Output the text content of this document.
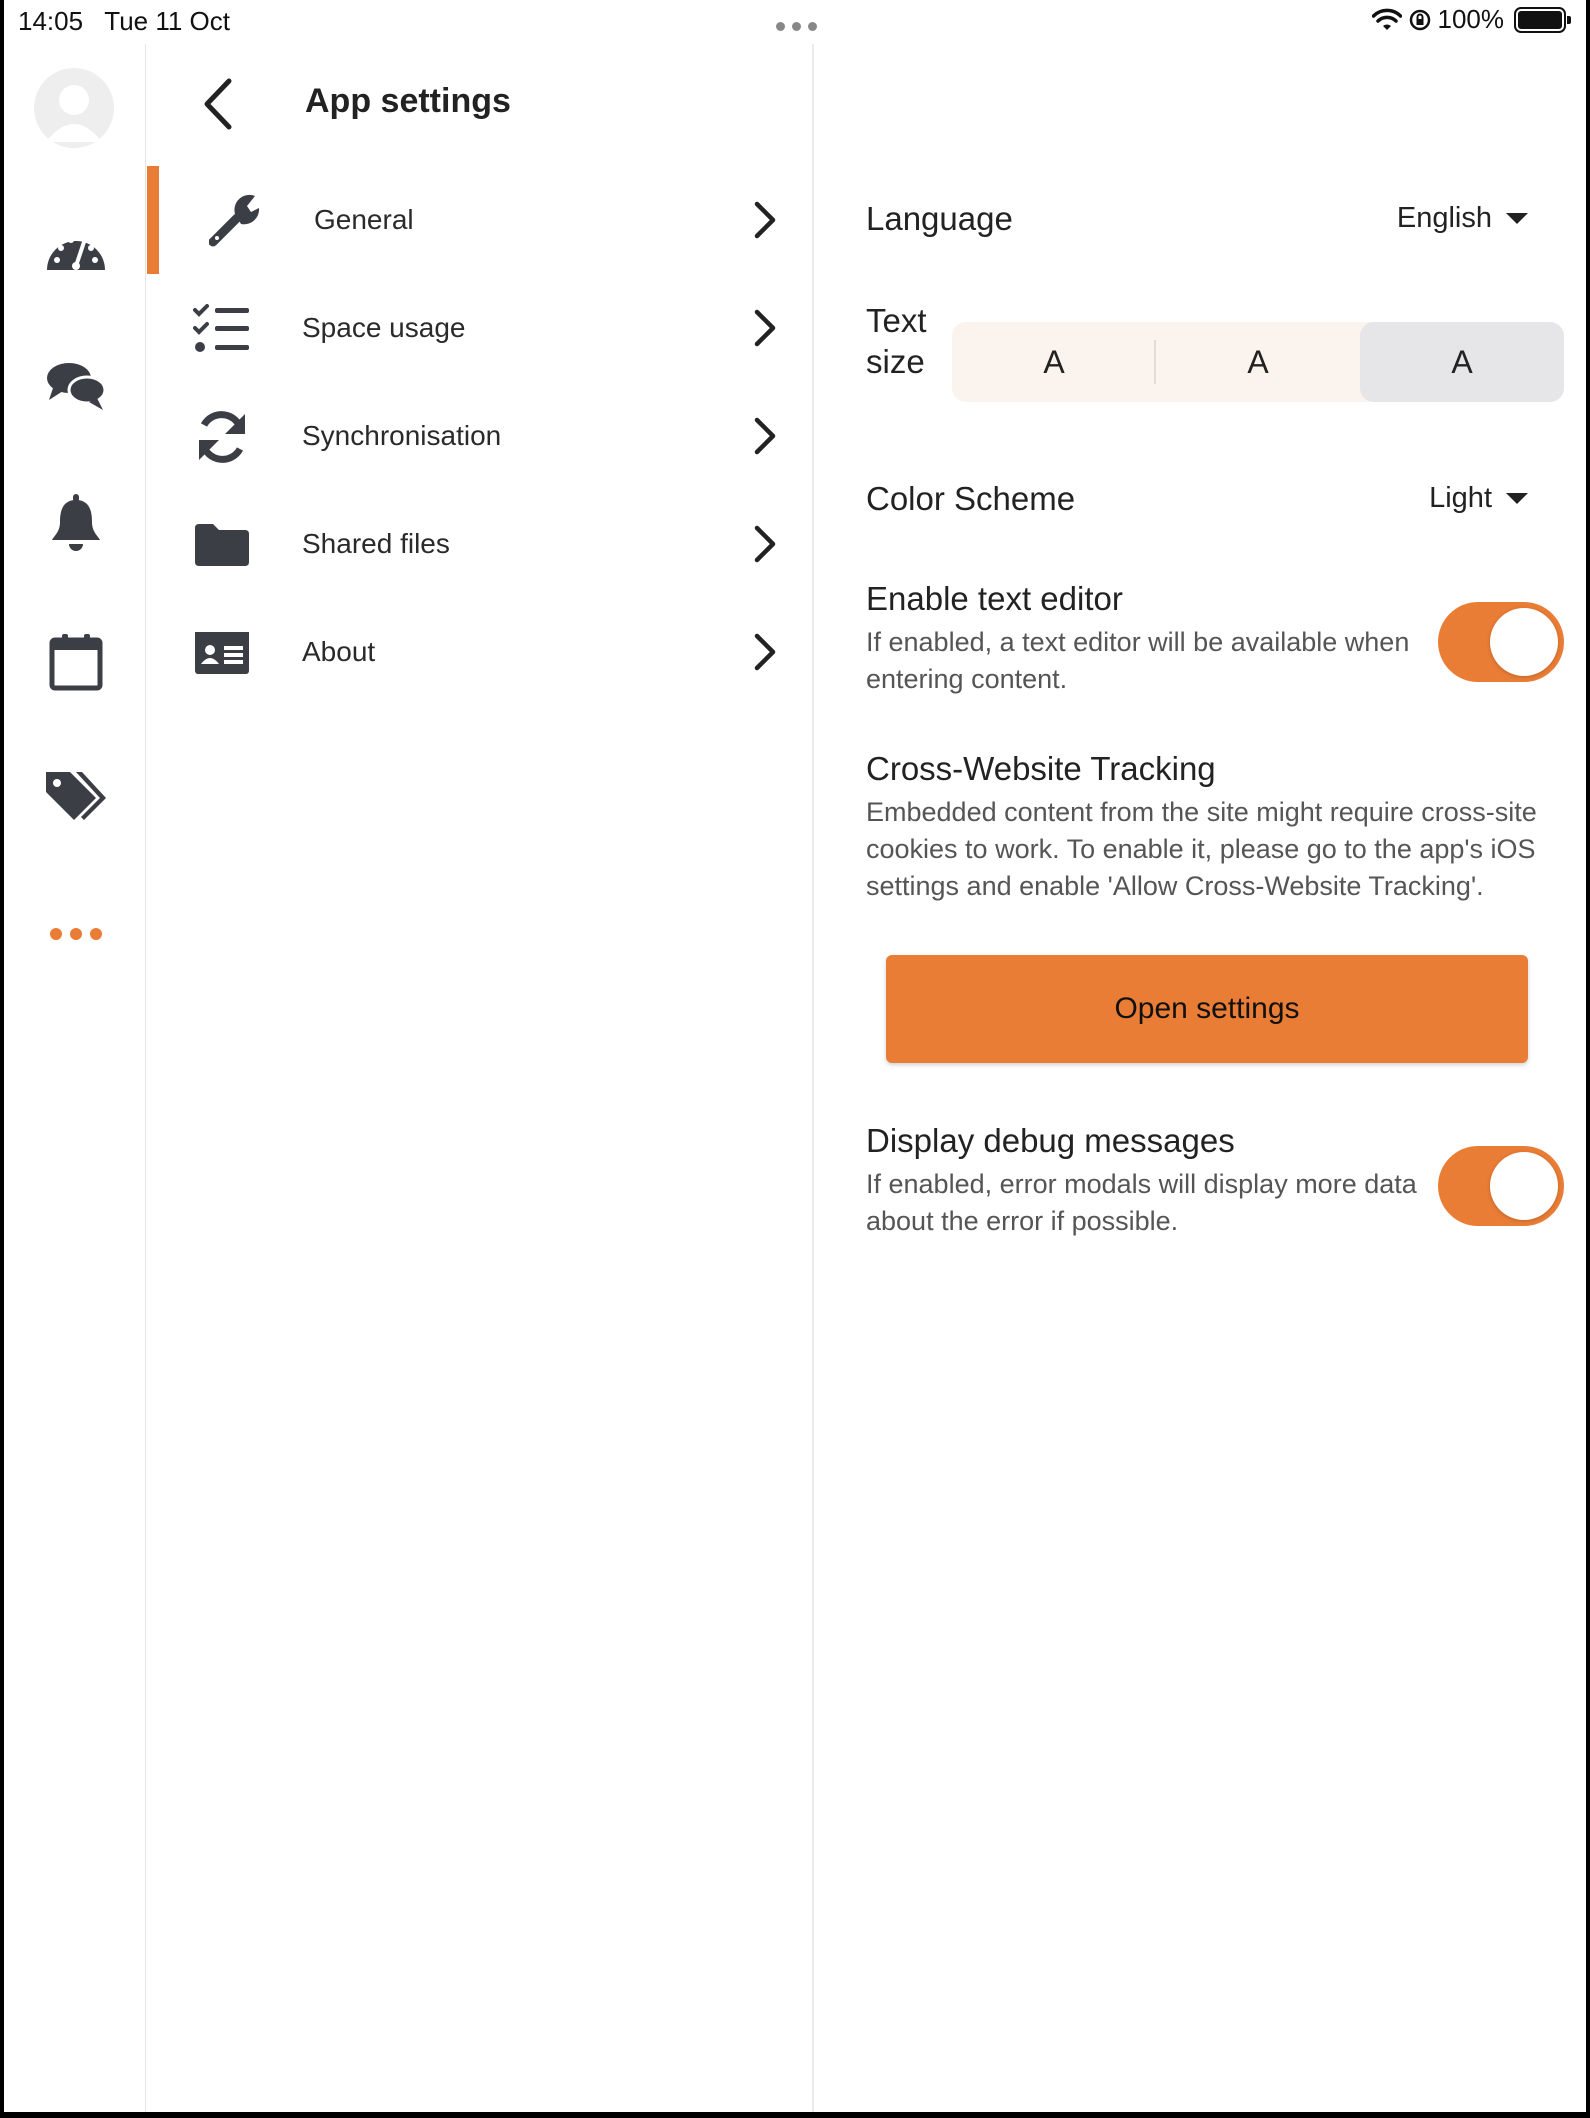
14:05 Tue 11 Oct	100%
App settings
General
Space usage
Synchronisation
Shared files
About
Language	English
Text size	A	A	A
Color Scheme	Light
Enable text editor
If enabled, a text editor will be available when entering content.
Cross-Website Tracking
Embedded content from the site might require cross-site cookies to work. To enable it, please go to the app's iOS settings and enable 'Allow Cross-Website Tracking'.
Open settings
Display debug messages
If enabled, error modals will display more data about the error if possible.
